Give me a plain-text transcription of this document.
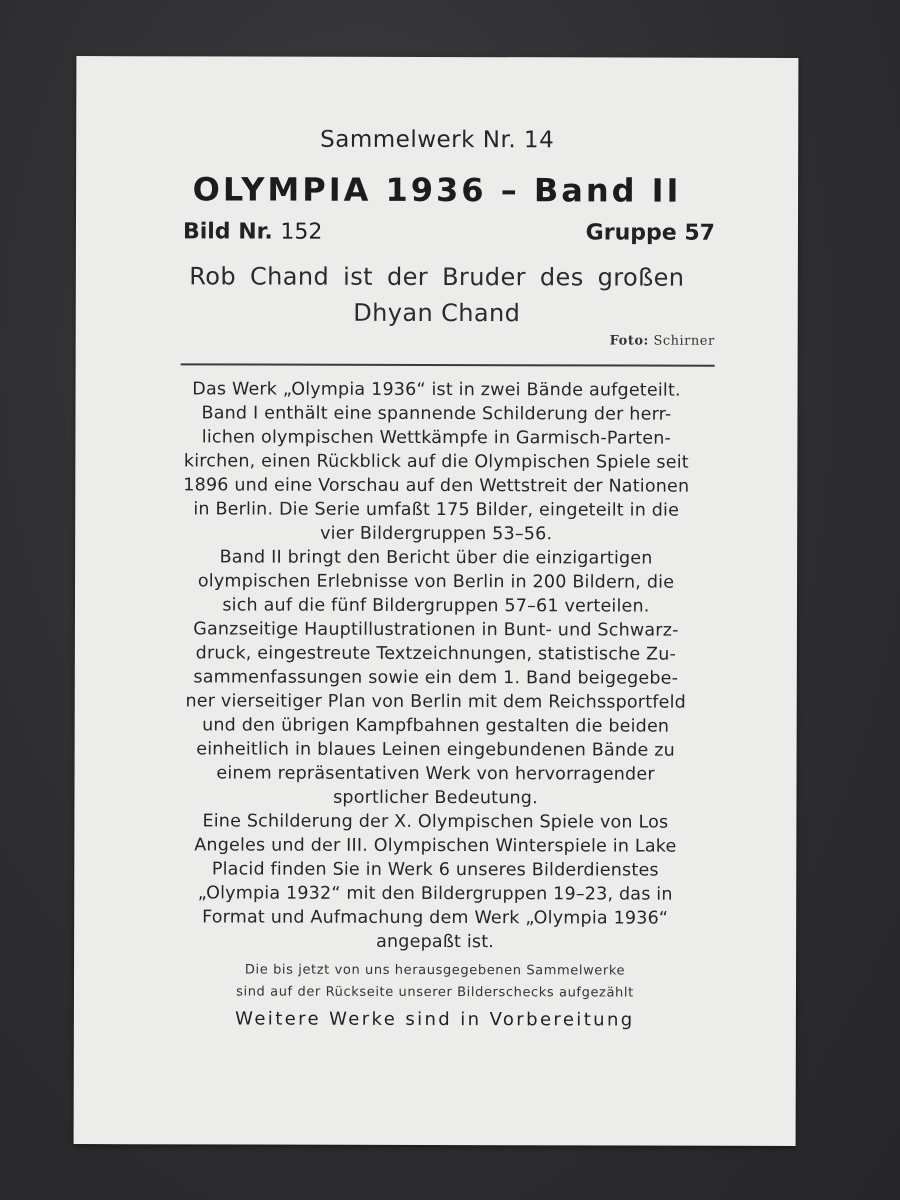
Sammelwerk Nr. 14
OLYMPIA 1936 – Band II
Bild Nr. 152	Gruppe 57
Rob Chand ist der Bruder des großen
Dhyan Chand
Foto: Schirner
Das Werk „Olympia 1936“ ist in zwei Bände aufgeteilt.
Band I enthält eine spannende Schilderung der herr-
lichen olympischen Wettkämpfe in Garmisch-Parten-
kirchen, einen Rückblick auf die Olympischen Spiele seit
1896 und eine Vorschau auf den Wettstreit der Nationen
in Berlin. Die Serie umfaßt 175 Bilder, eingeteilt in die
vier Bildergruppen 53–56.
Band II bringt den Bericht über die einzigartigen
olympischen Erlebnisse von Berlin in 200 Bildern, die
sich auf die fünf Bildergruppen 57–61 verteilen.
Ganzseitige Hauptillustrationen in Bunt- und Schwarz-
druck, eingestreute Textzeichnungen, statistische Zu-
sammenfassungen sowie ein dem 1. Band beigegebe-
ner vierseitiger Plan von Berlin mit dem Reichssportfeld
und den übrigen Kampfbahnen gestalten die beiden
einheitlich in blaues Leinen eingebundenen Bände zu
einem repräsentativen Werk von hervorragender
sportlicher Bedeutung.
Eine Schilderung der X. Olympischen Spiele von Los
Angeles und der III. Olympischen Winterspiele in Lake
Placid finden Sie in Werk 6 unseres Bilderdienstes
„Olympia 1932“ mit den Bildergruppen 19–23, das in
Format und Aufmachung dem Werk „Olympia 1936“
angepaßt ist.
Die bis jetzt von uns herausgegebenen Sammelwerke
sind auf der Rückseite unserer Bilderschecks aufgezählt
Weitere Werke sind in Vorbereitung
